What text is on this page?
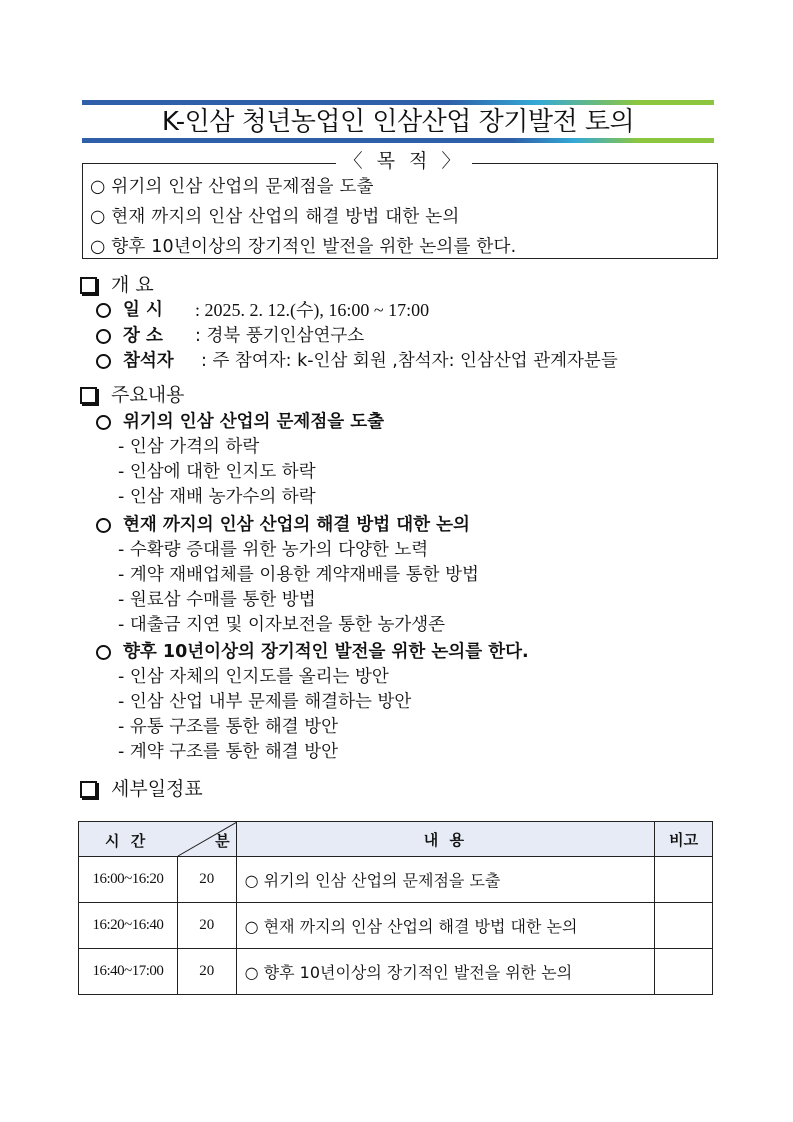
K-인삼 청년농업인 인삼산업 장기발전 토의
〈 목 적 〉
○ 위기의 인삼 산업의 문제점을 도출
○ 현재 까지의 인삼 산업의 해결 방법 대한 논의
○ 향후 10년이상의 장기적인 발전을 위한 논의를 한다.
개 요
일 시	: 2025. 2. 12.(수), 16:00 ~ 17:00
장 소	: 경북 풍기인삼연구소
참석자	: 주 참여자: k-인삼 회원 ,참석자: 인삼산업 관계자분들
주요내용
위기의 인삼 산업의 문제점을 도출
- 인삼 가격의 하락
- 인삼에 대한 인지도 하락
- 인삼 재배 농가수의 하락
현재 까지의 인삼 산업의 해결 방법 대한 논의
- 수확량 증대를 위한 농가의 다양한 노력
- 계약 재배업체를 이용한 계약재배를 통한 방법
- 원료삼 수매를 통한 방법
- 대출금 지연 및 이자보전을 통한 농가생존
향후 10년이상의 장기적인 발전을 위한 논의를 한다.
- 인삼 자체의 인지도를 올리는 방안
- 인삼 산업 내부 문제를 해결하는 방안
- 유통 구조를 통한 해결 방안
- 계약 구조를 통한 해결 방안
세부일정표
시 간 분		내 용	비고
16:00~16:20	20	○ 위기의 인삼 산업의 문제점을 도출	
16:20~16:40	20	○ 현재 까지의 인삼 산업의 해결 방법 대한 논의	
16:40~17:00	20	○ 향후 10년이상의 장기적인 발전을 위한 논의	
